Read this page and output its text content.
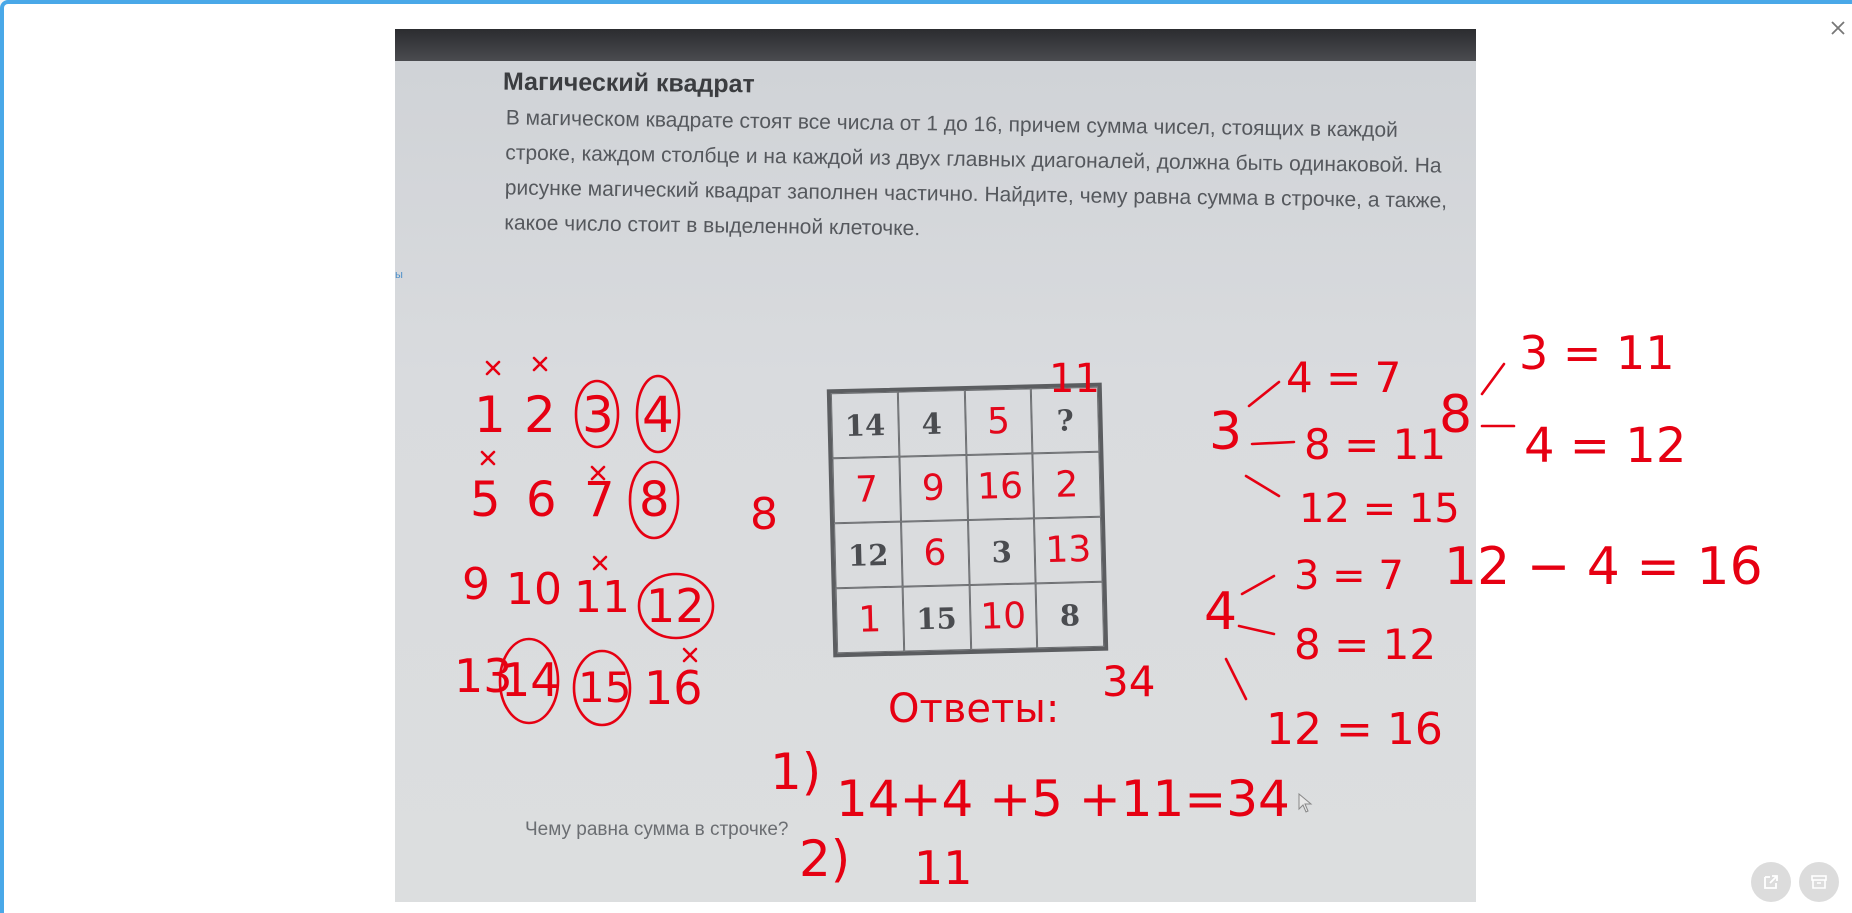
Магический квадрат
В магическом квадрате стоят все числа от 1 до 16, причем сумма чисел, стоящих в каждой строке, каждом столбце и на каждой из двух главных диагоналей, должна быть одинаковой. На рисунке магический квадрат заполнен частично. Найдите, чему равна сумма в строчке, а также, какое число стоит в выделенной клеточке.
ы
14	4	5	?
7	9 16 2
12 6	3 13
1	15 10	8
Чему равна сумма в строчке?
1 2 3 4
5 6 7 8
9 10 11 12
13
14 15 16
8
11
34
Ответы:
1) 14+4 +5 +11=34
2) 11
3
4 = 7
8 = 11
12 = 15
4
3 = 7
8 = 12
12 = 16
8
3 = 11
4 = 12
12 − 4 = 16
